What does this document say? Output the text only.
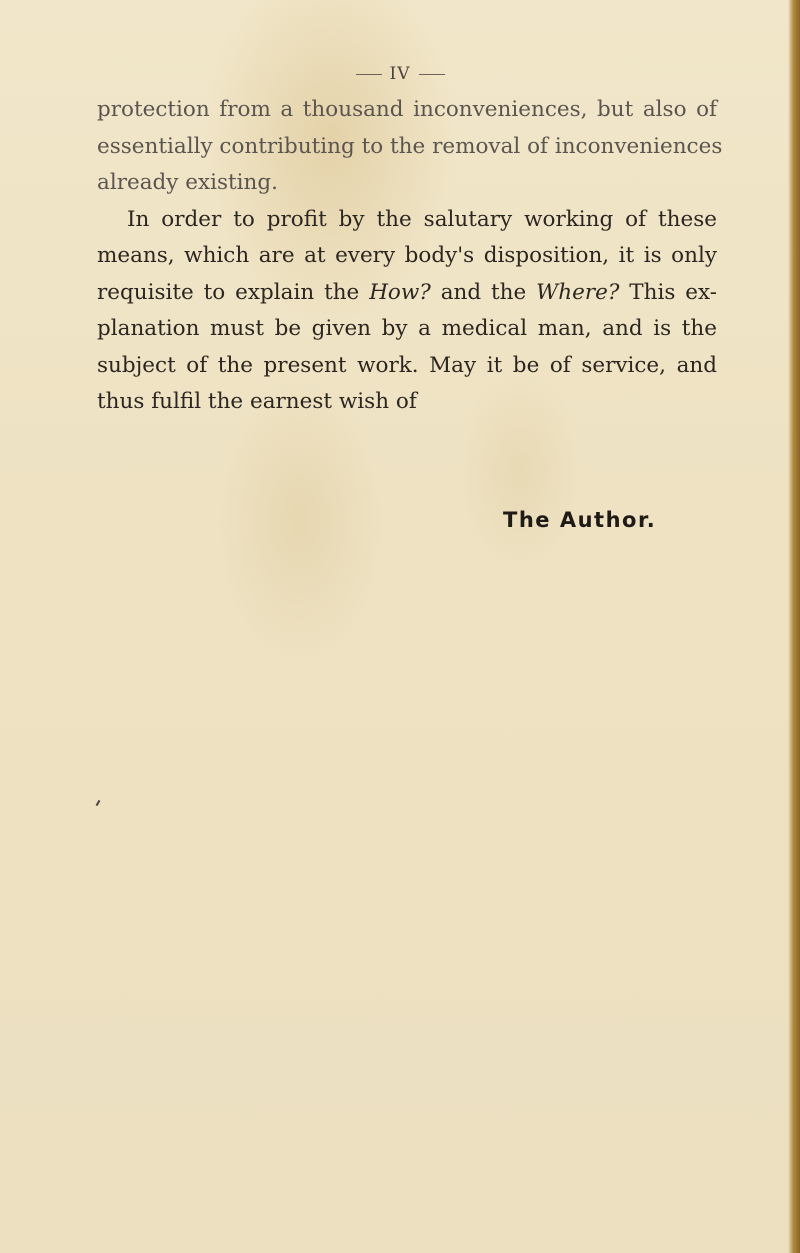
IV
protection from a thousand inconveniences, but also of
essentially contributing to the removal of inconveniences
already existing.
In order to profit by the salutary working of these
means, which are at every body's disposition, it is only
requisite to explain the How? and the Where? This ex-
planation must be given by a medical man, and is the
subject of the present work. May it be of service, and
thus fulfil the earnest wish of
The Author.
